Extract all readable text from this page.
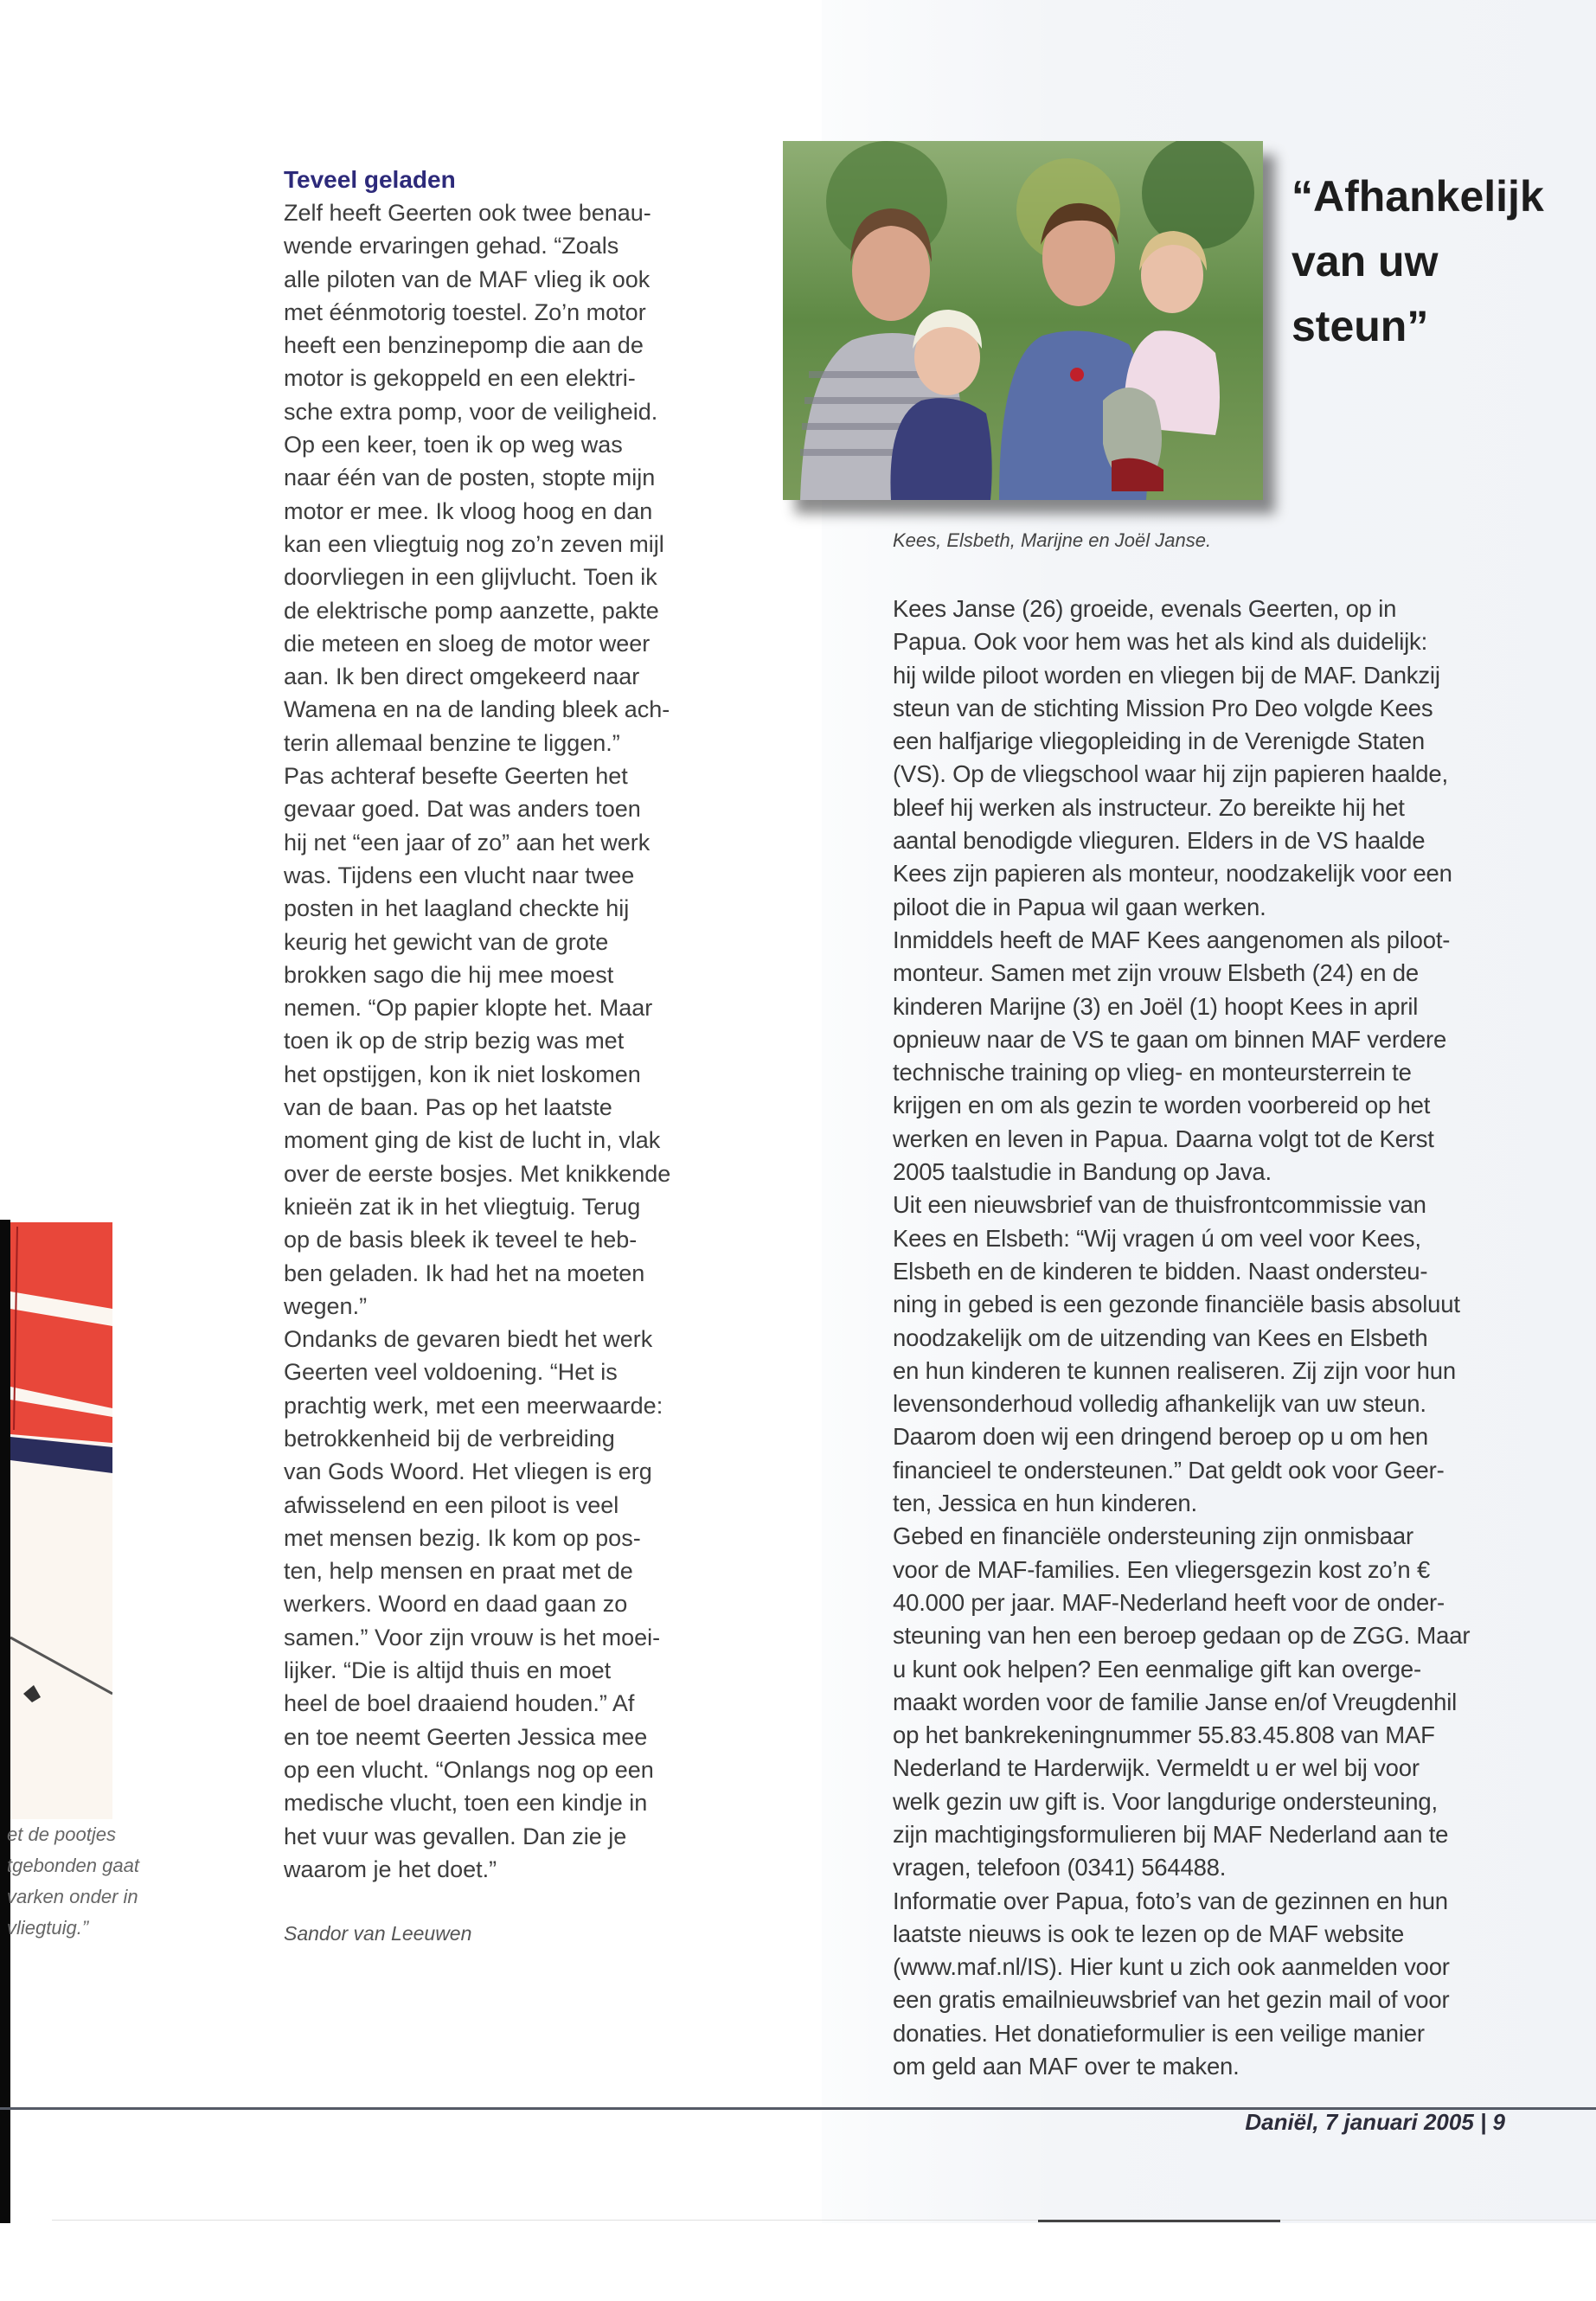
et de pootjes
tgebonden gaat
varken onder in
vliegtuig.”
Teveel geladen
Zelf heeft Geerten ook twee benau-
wende ervaringen gehad. “Zoals
alle piloten van de MAF vlieg ik ook
met éénmotorig toestel. Zo’n motor
heeft een benzinepomp die aan de
motor is gekoppeld en een elektri-
sche extra pomp, voor de veiligheid.
Op een keer, toen ik op weg was
naar één van de posten, stopte mijn
motor er mee. Ik vloog hoog en dan
kan een vliegtuig nog zo’n zeven mijl
doorvliegen in een glijvlucht. Toen ik
de elektrische pomp aanzette, pakte
die meteen en sloeg de motor weer
aan. Ik ben direct omgekeerd naar
Wamena en na de landing bleek ach-
terin allemaal benzine te liggen.”
Pas achteraf besefte Geerten het
gevaar goed. Dat was anders toen
hij net “een jaar of zo” aan het werk
was. Tijdens een vlucht naar twee
posten in het laagland checkte hij
keurig het gewicht van de grote
brokken sago die hij mee moest
nemen. “Op papier klopte het. Maar
toen ik op de strip bezig was met
het opstijgen, kon ik niet loskomen
van de baan. Pas op het laatste
moment ging de kist de lucht in, vlak
over de eerste bosjes. Met knikkende
knieën zat ik in het vliegtuig. Terug
op de basis bleek ik teveel te heb-
ben geladen. Ik had het na moeten
wegen.”
Ondanks de gevaren biedt het werk
Geerten veel voldoening. “Het is
prachtig werk, met een meerwaarde:
betrokkenheid bij de verbreiding
van Gods Woord. Het vliegen is erg
afwisselend en een piloot is veel
met mensen bezig. Ik kom op pos-
ten, help mensen en praat met de
werkers. Woord en daad gaan zo
samen.” Voor zijn vrouw is het moei-
lijker. “Die is altijd thuis en moet
heel de boel draaiend houden.” Af
en toe neemt Geerten Jessica mee
op een vlucht. “Onlangs nog op een
medische vlucht, toen een kindje in
het vuur was gevallen. Dan zie je
waarom je het doet.”
Sandor van Leeuwen
Kees, Elsbeth, Marijne en Joël Janse.
“Afhankelijk
van uw
steun”
Kees Janse (26) groeide, evenals Geerten, op in
Papua. Ook voor hem was het als kind als duidelijk:
hij wilde piloot worden en vliegen bij de MAF. Dankzij
steun van de stichting Mission Pro Deo volgde Kees
een halfjarige vliegopleiding in de Verenigde Staten
(VS). Op de vliegschool waar hij zijn papieren haalde,
bleef hij werken als instructeur. Zo bereikte hij het
aantal benodigde vlieguren. Elders in de VS haalde
Kees zijn papieren als monteur, noodzakelijk voor een
piloot die in Papua wil gaan werken.
Inmiddels heeft de MAF Kees aangenomen als piloot-
monteur. Samen met zijn vrouw Elsbeth (24) en de
kinderen Marijne (3) en Joël (1) hoopt Kees in april
opnieuw naar de VS te gaan om binnen MAF verdere
technische training op vlieg- en monteursterrein te
krijgen en om als gezin te worden voorbereid op het
werken en leven in Papua. Daarna volgt tot de Kerst
2005 taalstudie in Bandung op Java.
Uit een nieuwsbrief van de thuisfrontcommissie van
Kees en Elsbeth: “Wij vragen ú om veel voor Kees,
Elsbeth en de kinderen te bidden. Naast ondersteu-
ning in gebed is een gezonde financiële basis absoluut
noodzakelijk om de uitzending van Kees en Elsbeth
en hun kinderen te kunnen realiseren. Zij zijn voor hun
levensonderhoud volledig afhankelijk van uw steun.
Daarom doen wij een dringend beroep op u om hen
financieel te ondersteunen.” Dat geldt ook voor Geer-
ten, Jessica en hun kinderen.
Gebed en financiële ondersteuning zijn onmisbaar
voor de MAF-families. Een vliegersgezin kost zo’n €
40.000 per jaar. MAF-Nederland heeft voor de onder-
steuning van hen een beroep gedaan op de ZGG. Maar
u kunt ook helpen? Een eenmalige gift kan overge-
maakt worden voor de familie Janse en/of Vreugdenhil
op het bankrekeningnummer 55.83.45.808 van MAF
Nederland te Harderwijk. Vermeldt u er wel bij voor
welk gezin uw gift is. Voor langdurige ondersteuning,
zijn machtigingsformulieren bij MAF Nederland aan te
vragen, telefoon (0341) 564488.
Informatie over Papua, foto’s van de gezinnen en hun
laatste nieuws is ook te lezen op de MAF website
(www.maf.nl/IS). Hier kunt u zich ook aanmelden voor
een gratis emailnieuwsbrief van het gezin mail of voor
donaties. Het donatieformulier is een veilige manier
om geld aan MAF over te maken.
Daniël, 7 januari 2005 | 9
